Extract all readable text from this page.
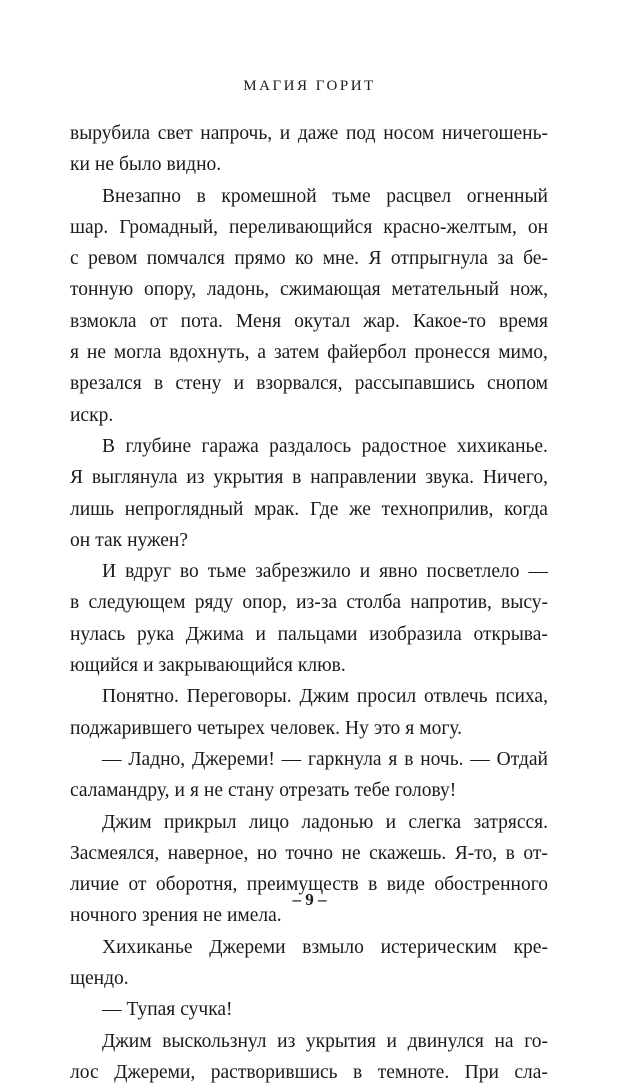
МАГИЯ ГОРИТ
вырубила свет напрочь, и даже под носом ничегошень-
ки не было видно.
Внезапно в кромешной тьме расцвел огненный
шар. Громадный, переливающийся красно-желтым, он
с ревом помчался прямо ко мне. Я отпрыгнула за бе-
тонную опору, ладонь, сжимающая метательный нож,
взмокла от пота. Меня окутал жар. Какое-то время
я не могла вдохнуть, а затем файербол пронесся мимо,
врезался в стену и взорвался, рассыпавшись снопом
искр.
В глубине гаража раздалось радостное хихиканье.
Я выглянула из укрытия в направлении звука. Ничего,
лишь непроглядный мрак. Где же техноприлив, когда
он так нужен?
И вдруг во тьме забрезжило и явно посветлело —
в следующем ряду опор, из-за столба напротив, высу-
нулась рука Джима и пальцами изобразила открыва-
ющийся и закрывающийся клюв.
Понятно. Переговоры. Джим просил отвлечь психа,
поджарившего четырех человек. Ну это я могу.
— Ладно, Джереми! — гаркнула я в ночь. — Отдай
саламандру, и я не стану отрезать тебе голову!
Джим прикрыл лицо ладонью и слегка затрясся.
Засмеялся, наверное, но точно не скажешь. Я-то, в от-
личие от оборотня, преимуществ в виде обостренного
ночного зрения не имела.
Хихиканье Джереми взмыло истерическим кре-
щендо.
— Тупая сучка!
Джим выскользнул из укрытия и двинулся на го-
лос Джереми, растворившись в темноте. При сла-
– 9 –
